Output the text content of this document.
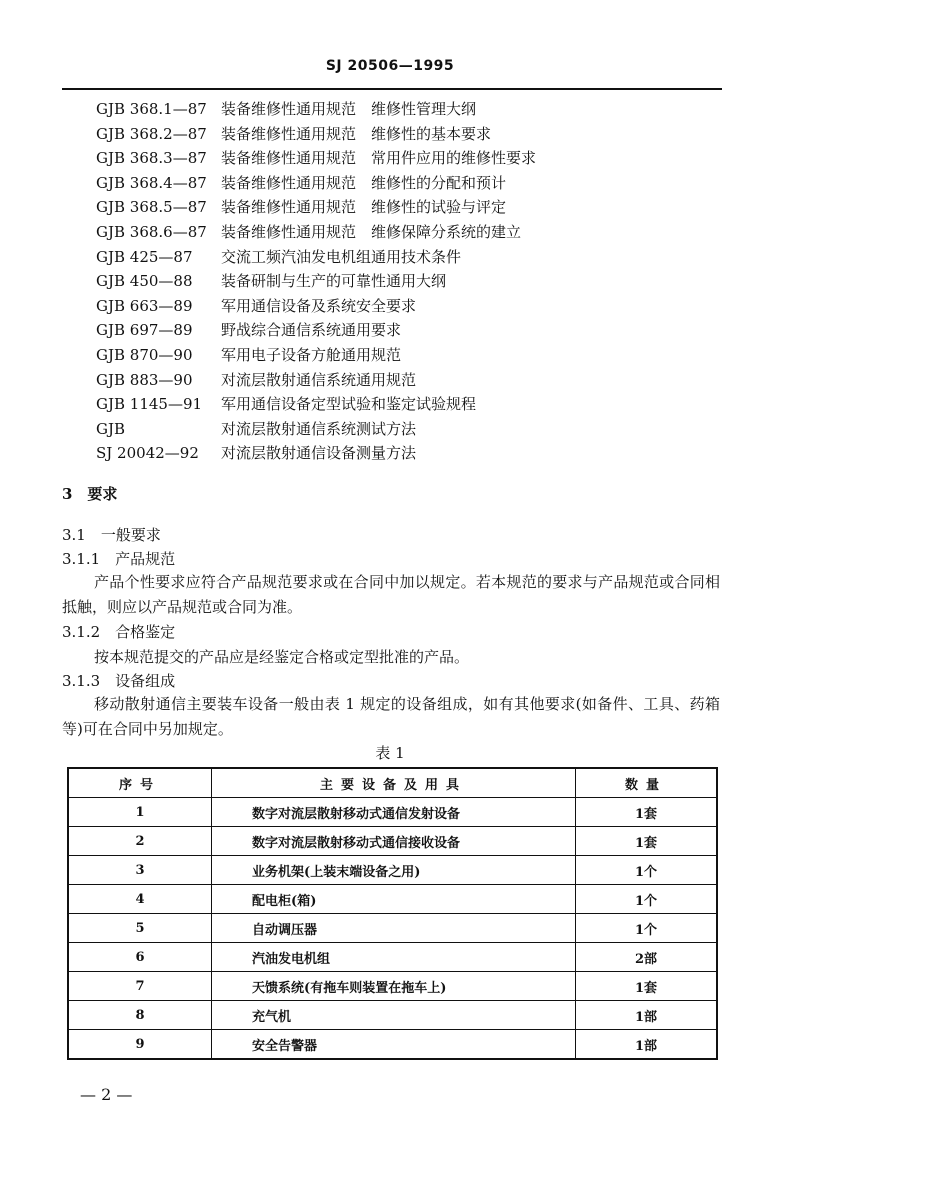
SJ 20506—1995
GJB 368.1—87 装备维修性通用规范　维修性管理大纲
GJB 368.2—87 装备维修性通用规范　维修性的基本要求
GJB 368.3—87 装备维修性通用规范　常用件应用的维修性要求
GJB 368.4—87 装备维修性通用规范　维修性的分配和预计
GJB 368.5—87 装备维修性通用规范　维修性的试验与评定
GJB 368.6—87 装备维修性通用规范　维修保障分系统的建立
GJB 425—87	交流工频汽油发电机组通用技术条件
GJB 450—88	装备研制与生产的可靠性通用大纲
GJB 663—89	军用通信设备及系统安全要求
GJB 697—89	野战综合通信系统通用要求
GJB 870—90	军用电子设备方舱通用规范
GJB 883—90	对流层散射通信系统通用规范
GJB 1145—91	军用通信设备定型试验和鉴定试验规程
GJB	对流层散射通信系统测试方法
SJ 20042—92	对流层散射通信设备测量方法
3　要求
3.1　一般要求
3.1.1　产品规范
产品个性要求应符合产品规范要求或在合同中加以规定。若本规范的要求与产品规范或合同相抵触，则应以产品规范或合同为准。
3.1.2　合格鉴定
按本规范提交的产品应是经鉴定合格或定型批准的产品。
3.1.3　设备组成
移动散射通信主要装车设备一般由表 1 规定的设备组成，如有其他要求(如备件、工具、药箱等)可在合同中另加规定。
表 1
序号	主要设备及用具	数量
1	数字对流层散射移动式通信发射设备	1套
2	数字对流层散射移动式通信接收设备	1套
3	业务机架(上装末端设备之用)	1个
4	配电柜(箱)	1个
5	自动调压器	1个
6	汽油发电机组	2部
7	天馈系统(有拖车则装置在拖车上)	1套
8	充气机	1部
9	安全告警器	1部
— 2 —
